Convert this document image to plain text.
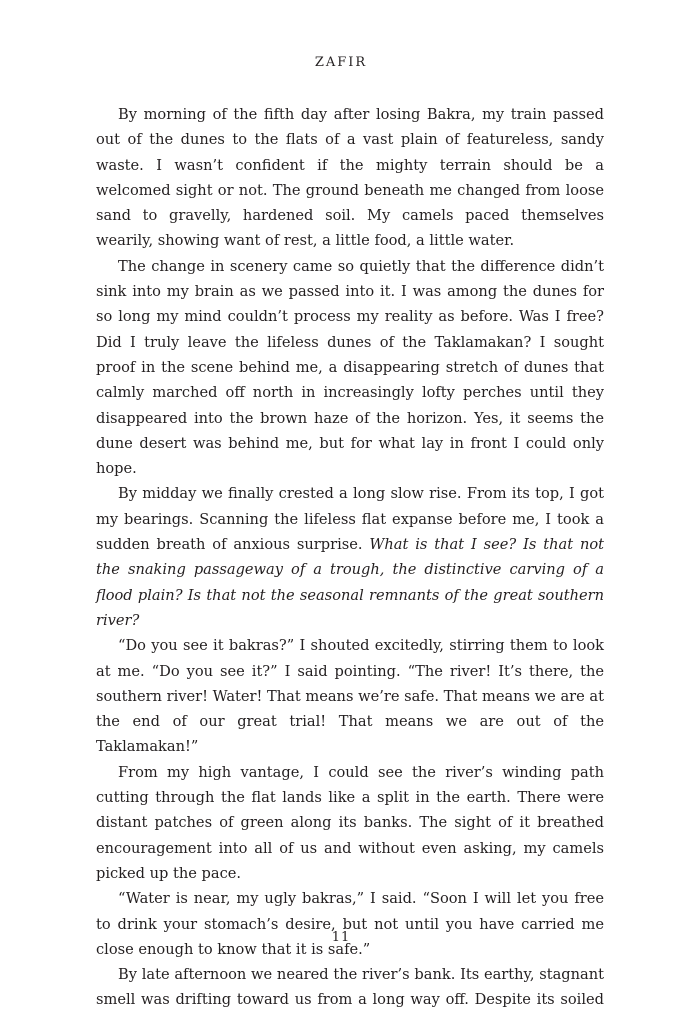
ZAFIR

By morning of the fifth day after losing Bakra, my train passed out of the dunes to the flats of a vast plain of featureless, sandy waste. I wasn’t confident if the mighty terrain should be a welcomed sight or not. The ground beneath me changed from loose sand to gravelly, hardened soil. My camels paced themselves wearily, showing want of rest, a little food, a little water.

The change in scenery came so quietly that the difference didn’t sink into my brain as we passed into it. I was among the dunes for so long my mind couldn’t process my reality as before. Was I free? Did I truly leave the lifeless dunes of the Taklamakan? I sought proof in the scene behind me, a disappearing stretch of dunes that calmly marched off north in increasingly lofty perches until they disappeared into the brown haze of the horizon. Yes, it seems the dune desert was behind me, but for what lay in front I could only hope.

By midday we finally crested a long slow rise. From its top, I got my bearings. Scanning the lifeless flat expanse before me, I took a sudden breath of anxious surprise. What is that I see? Is that not the snaking passageway of a trough, the distinctive carving of a flood plain? Is that not the seasonal remnants of the great southern river?

“Do you see it bakras?” I shouted excitedly, stirring them to look at me. “Do you see it?” I said pointing. “The river! It’s there, the southern river! Water! That means we’re safe. That means we are at the end of our great trial! That means we are out of the Taklamakan!”

From my high vantage, I could see the river’s winding path cutting through the flat lands like a split in the earth. There were distant patches of green along its banks. The sight of it breathed encouragement into all of us and without even asking, my camels picked up the pace.

“Water is near, my ugly bakras,” I said. “Soon I will let you free to drink your stomach’s desire, but not until you have carried me close enough to know that it is safe.”

By late afternoon we neared the river’s bank. Its earthy, stagnant smell was drifting toward us from a long way off. Despite its soiled

11
